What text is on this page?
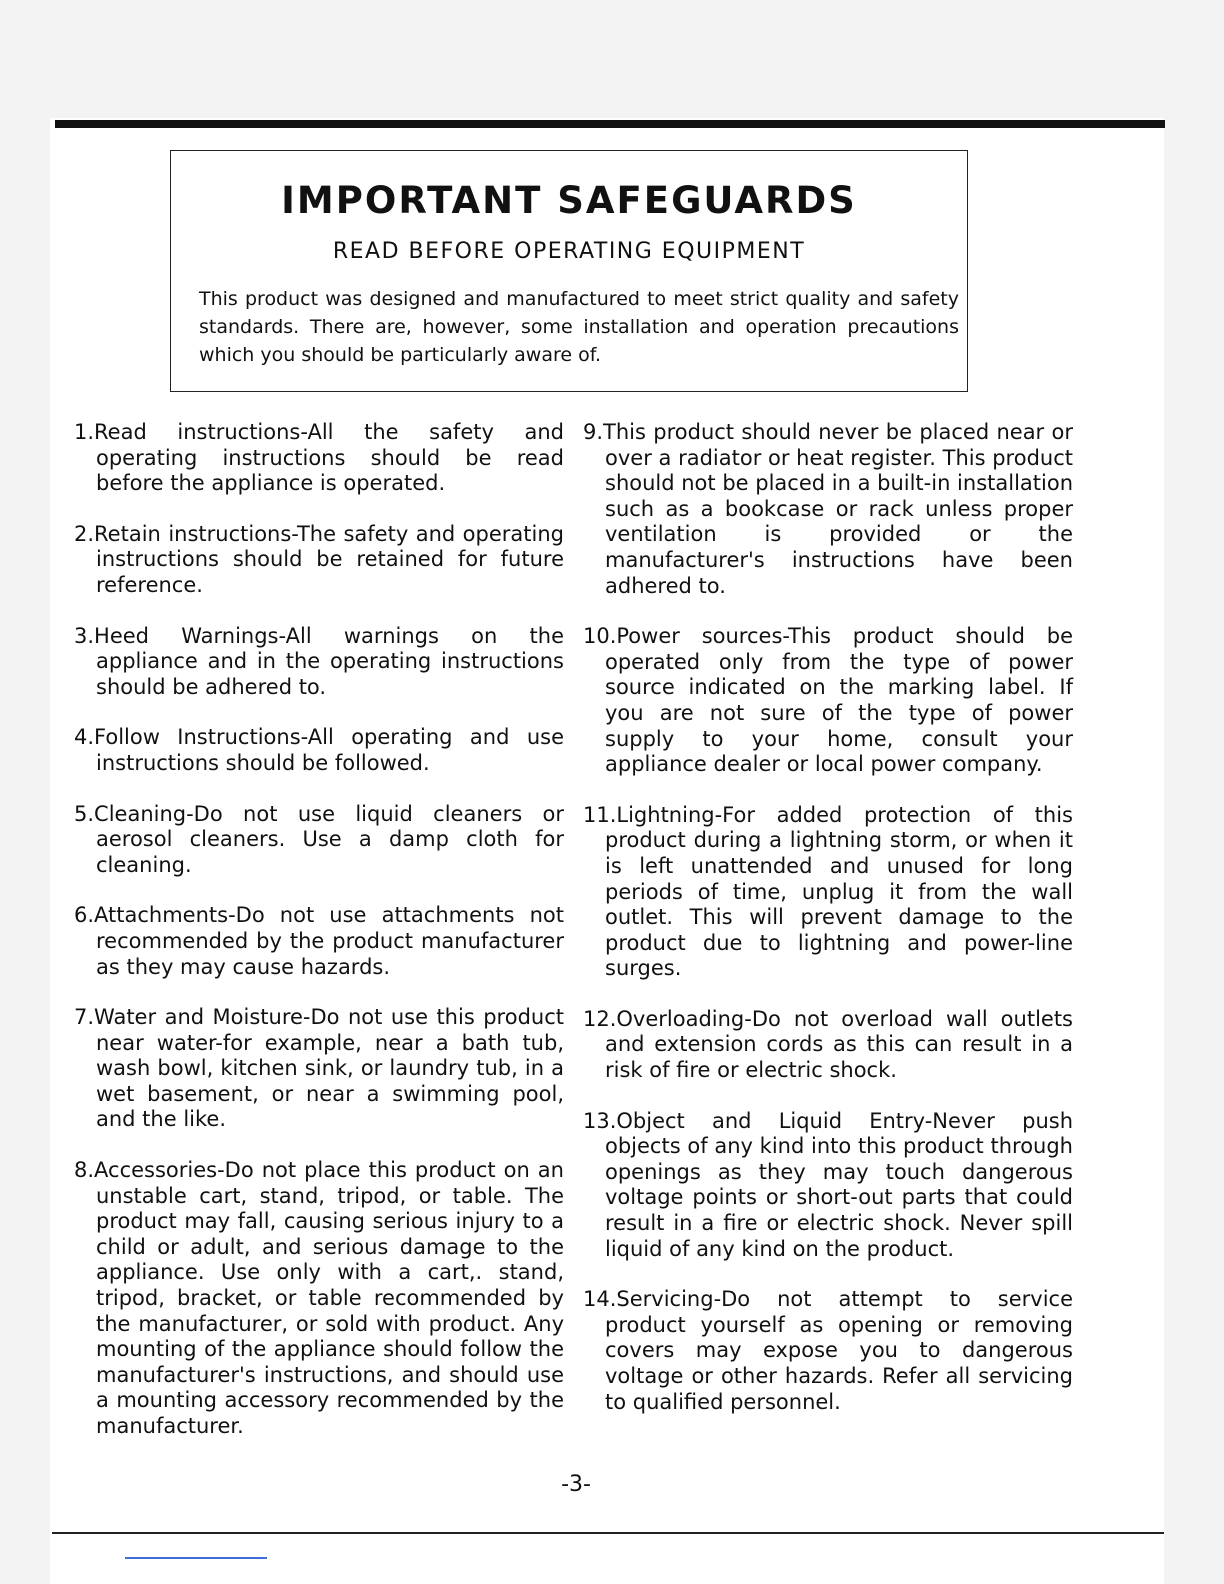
IMPORTANT SAFEGUARDS
READ BEFORE OPERATING EQUIPMENT

This product was designed and manufactured to meet strict quality and safety standards. There are, however, some installation and operation precautions which you should be particularly aware of.

1.Read instructions-All the safety and operating instructions should be read before the appliance is operated.

2.Retain instructions-The safety and operating instructions should be retained for future reference.

3.Heed Warnings-All warnings on the appliance and in the operating instructions should be adhered to.

4.Follow Instructions-All operating and use instructions should be followed.

5.Cleaning-Do not use liquid cleaners or aerosol cleaners. Use a damp cloth for cleaning.

6.Attachments-Do not use attachments not recommended by the product manufacturer as they may cause hazards.

7.Water and Moisture-Do not use this product near water-for example, near a bath tub, wash bowl, kitchen sink, or laundry tub, in a wet basement, or near a swimming pool, and the like.

8.Accessories-Do not place this product on an unstable cart, stand, tripod, or table. The product may fall, causing serious injury to a child or adult, and serious damage to the appliance. Use only with a cart,. stand, tripod, bracket, or table recommended by the manufacturer, or sold with product. Any mounting of the appliance should follow the manufacturer's instructions, and should use a mounting accessory recommended by the manufacturer.

9.This product should never be placed near or over a radiator or heat register. This product should not be placed in a built-in installation such as a bookcase or rack unless proper ventilation is provided or the manufacturer's instructions have been adhered to.

10.Power sources-This product should be operated only from the type of power source indicated on the marking label. If you are not sure of the type of power supply to your home, consult your appliance dealer or local power company.

11.Lightning-For added protection of this product during a lightning storm, or when it is left unattended and unused for long periods of time, unplug it from the wall outlet. This will prevent damage to the product due to lightning and power-line surges.

12.Overloading-Do not overload wall outlets and extension cords as this can result in a risk of fire or electric shock.

13.Object and Liquid Entry-Never push objects of any kind into this product through openings as they may touch dangerous voltage points or short-out parts that could result in a fire or electric shock. Never spill liquid of any kind on the product.

14.Servicing-Do not attempt to service product yourself as opening or removing covers may expose you to dangerous voltage or other hazards. Refer all servicing to qualified personnel.

-3-
